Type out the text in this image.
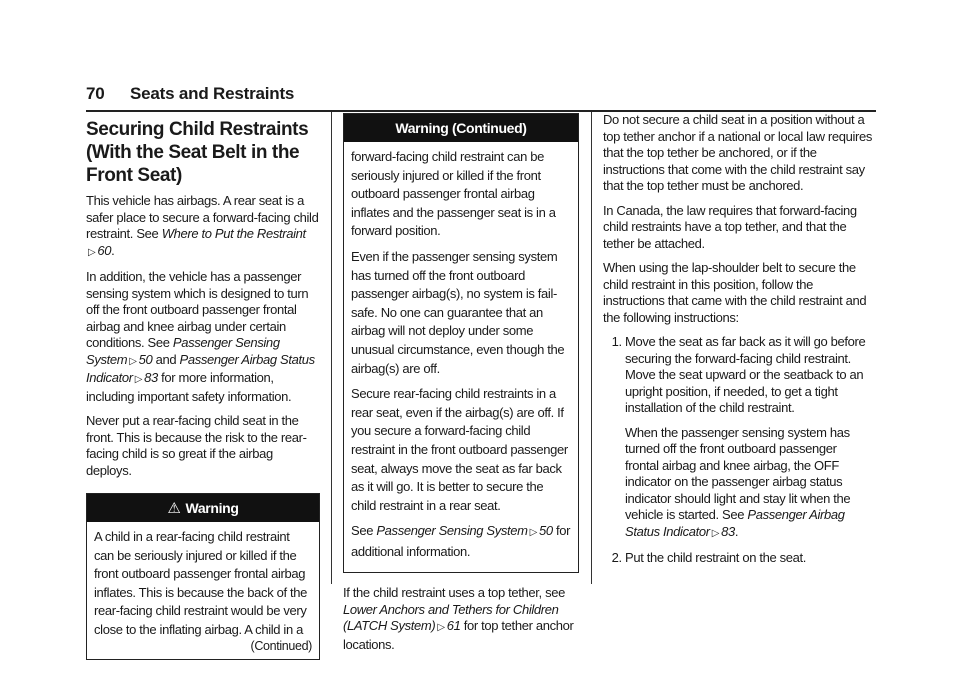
70 Seats and Restraints
Securing Child Restraints (With the Seat Belt in the Front Seat)

This vehicle has airbags. A rear seat is a safer place to secure a forward-facing child restraint. See Where to Put the Restraint
▷ 60.

In addition, the vehicle has a passenger sensing system which is designed to turn off the front outboard passenger frontal airbag and knee airbag under certain conditions. See Passenger Sensing System ▷ 50 and Passenger Airbag Status Indicator ▷ 83 for more information, including important safety information.

Never put a rear-facing child seat in the front. This is because the risk to the rear-facing child is so great if the airbag deploys.

⚠ Warning

A child in a rear-facing child restraint can be seriously injured or killed if the front outboard passenger frontal airbag inflates. This is because the back of the rear-facing child restraint would be very close to the inflating airbag. A child in a

(Continued)
Warning (Continued)

forward-facing child restraint can be seriously injured or killed if the front outboard passenger frontal airbag inflates and the passenger seat is in a forward position.

Even if the passenger sensing system has turned off the front outboard passenger airbag(s), no system is fail-safe. No one can guarantee that an airbag will not deploy under some unusual circumstance, even though the airbag(s) are off.

Secure rear-facing child restraints in a rear seat, even if the airbag(s) are off. If you secure a forward-facing child restraint in the front outboard passenger seat, always move the seat as far back as it will go. It is better to secure the child restraint in a rear seat.

See Passenger Sensing System ▷ 50 for additional information.

If the child restraint uses a top tether, see Lower Anchors and Tethers for Children (LATCH System) ▷ 61 for top tether anchor locations.

Do not secure a child seat in a position without a top tether anchor if a national or local law requires that the top tether be anchored, or if the instructions that come with the child restraint say that the top tether must be anchored.

In Canada, the law requires that forward-facing child restraints have a top tether, and that the tether be attached.

When using the lap-shoulder belt to secure the child restraint in this position, follow the instructions that came with the child restraint and the following instructions:

1. Move the seat as far back as it will go before securing the forward-facing child restraint. Move the seat upward or the seatback to an upright position, if needed, to get a tight installation of the child restraint.

When the passenger sensing system has turned off the front outboard passenger frontal airbag and knee airbag, the OFF indicator on the passenger airbag status indicator should light and stay lit when the vehicle is started. See Passenger Airbag Status Indicator ▷ 83.

2. Put the child restraint on the seat.
